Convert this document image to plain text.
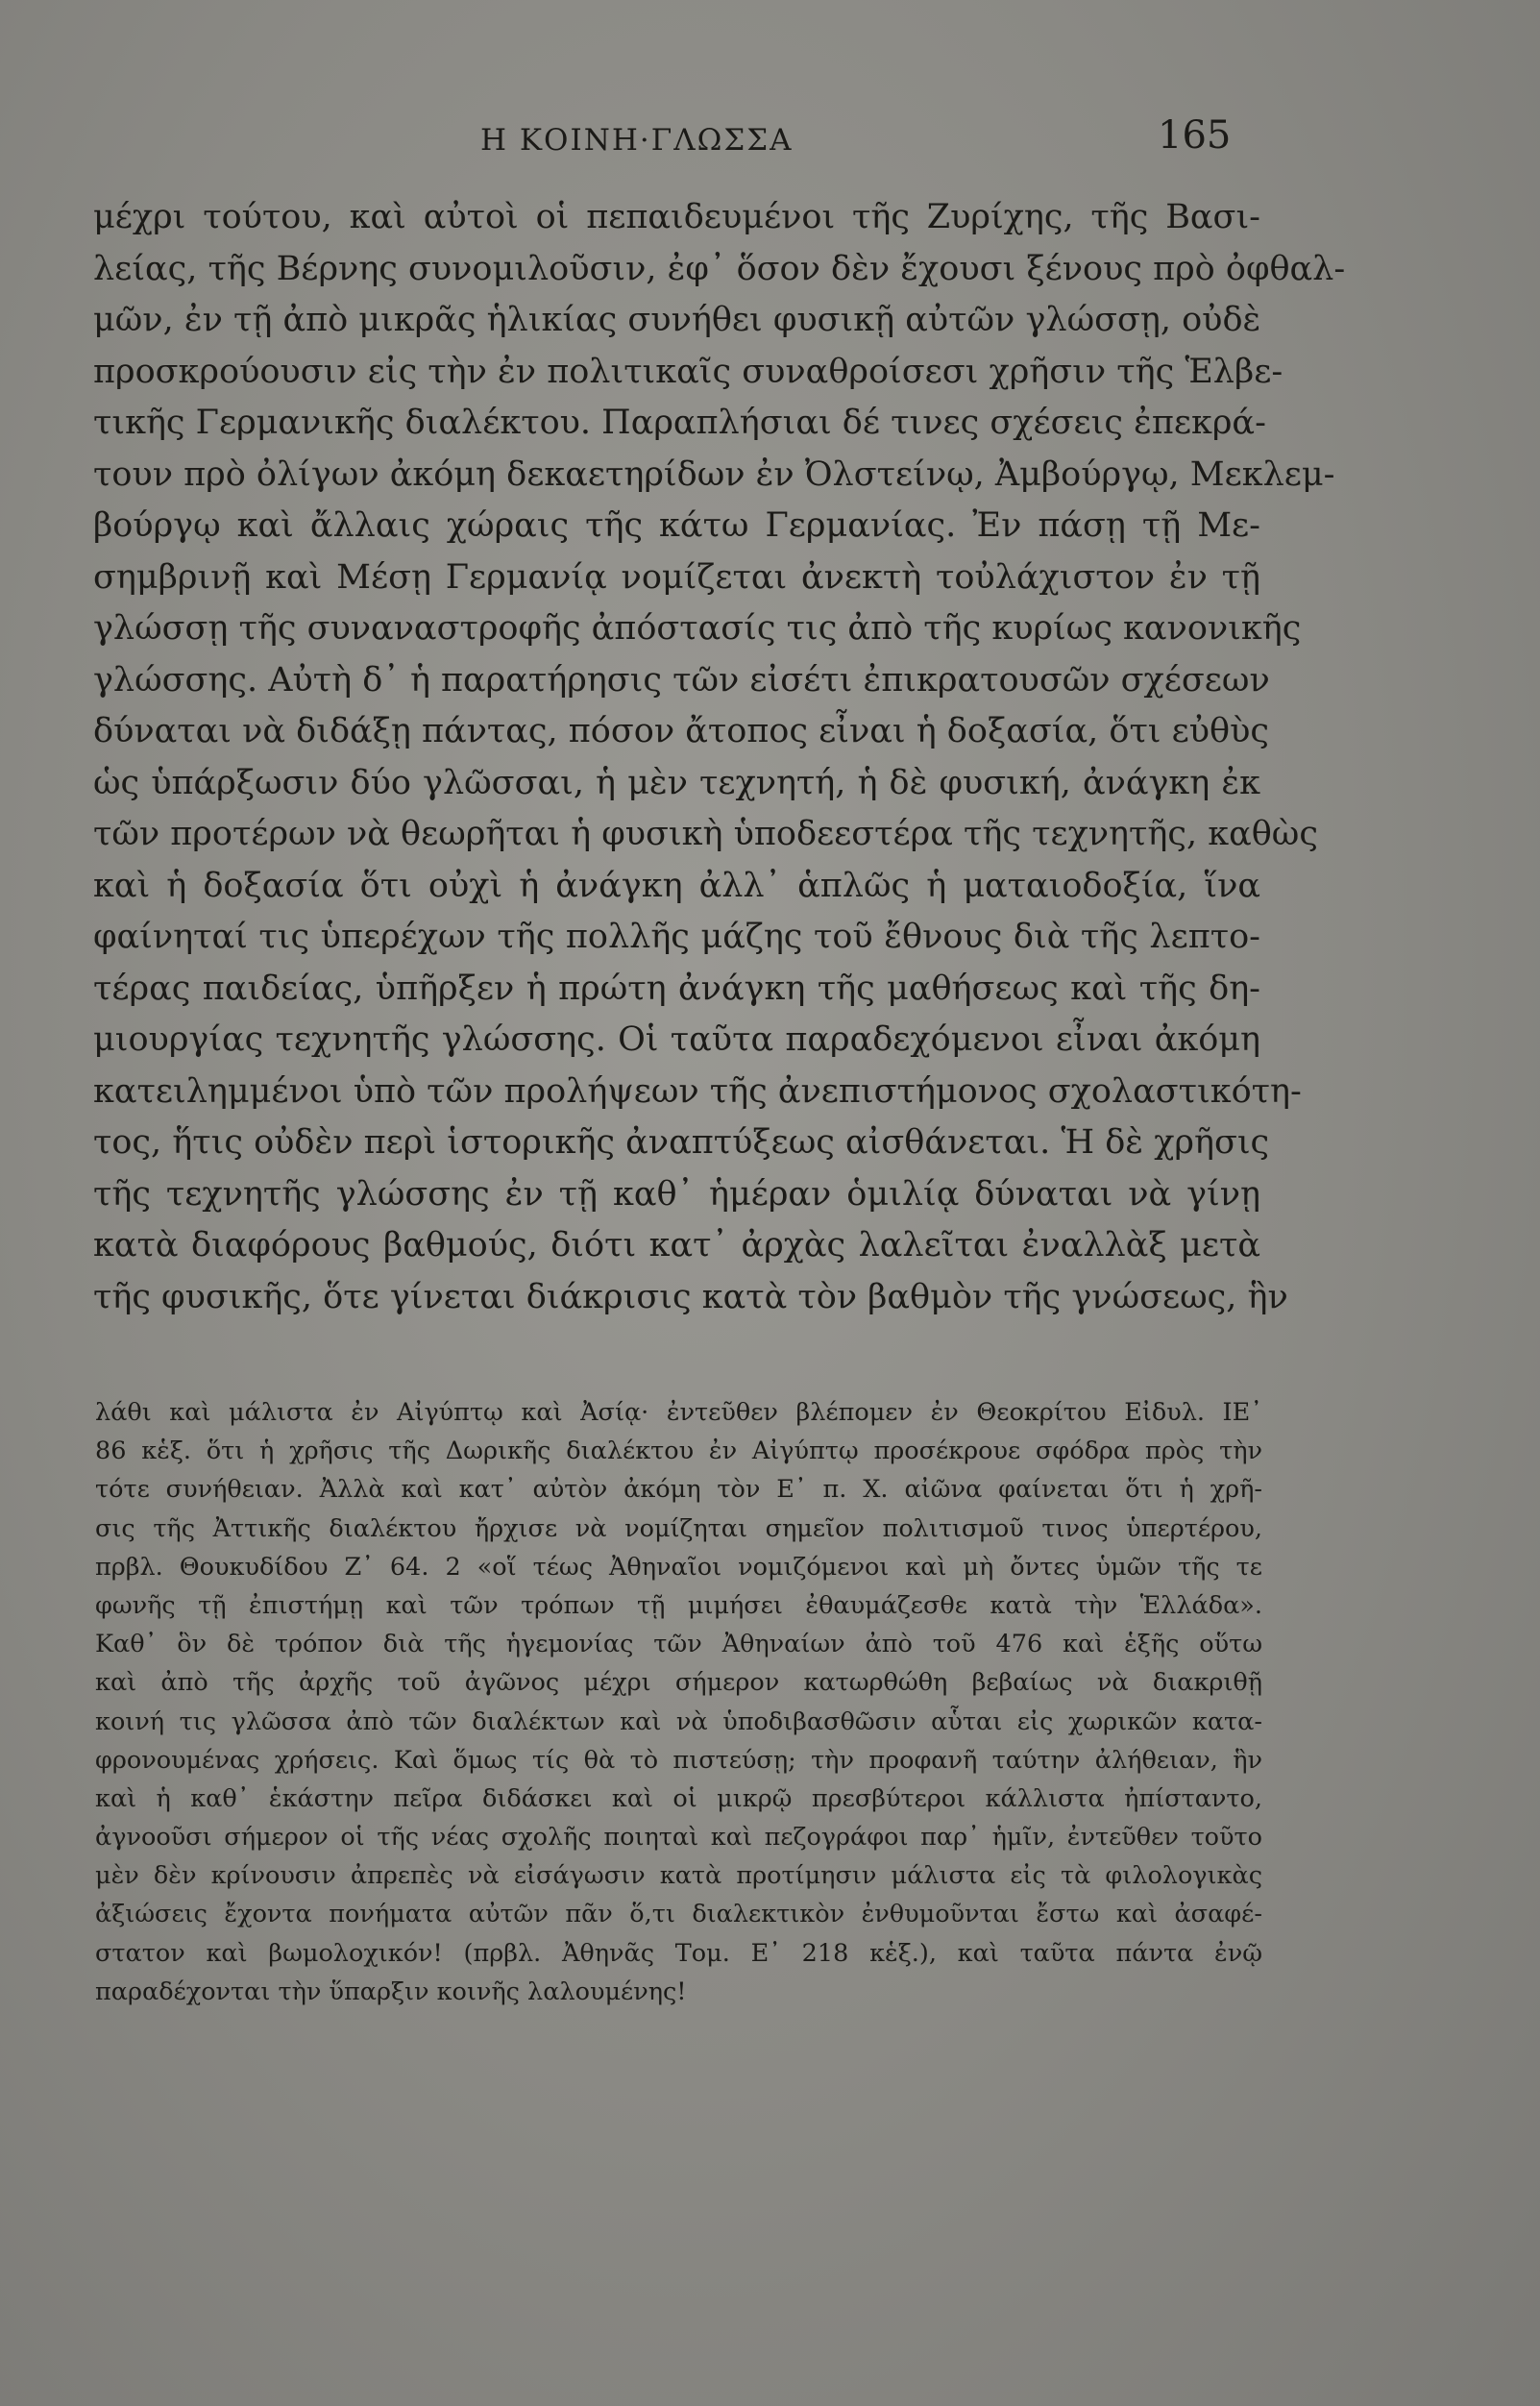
Η ΚΟΙΝΗ·ΓΛΩΣΣΑ	165
μέχρι τούτου, καὶ αὐτοὶ οἱ πεπαιδευμένοι τῆς Ζυρίχης, τῆς Βασι-
λείας, τῆς Βέρνης συνομιλοῦσιν, ἐφ᾿ ὅσον δὲν ἔχουσι ξένους πρὸ ὀφθαλ-
μῶν, ἐν τῇ ἀπὸ μικρᾶς ἡλικίας συνήθει φυσικῇ αὐτῶν γλώσσῃ, οὐδὲ
προσκρούουσιν εἰς τὴν ἐν πολιτικαῖς συναθροίσεσι χρῆσιν τῆς Ἑλβε-
τικῆς Γερμανικῆς διαλέκτου. Παραπλήσιαι δέ τινες σχέσεις ἐπεκρά-
τουν πρὸ ὀλίγων ἀκόμη δεκαετηρίδων ἐν Ὀλστείνῳ, Ἀμβούργῳ, Μεκλεμ-
βούργῳ καὶ ἄλλαις χώραις τῆς κάτω Γερμανίας. Ἐν πάσῃ τῇ Με-
σημβρινῇ καὶ Μέσῃ Γερμανίᾳ νομίζεται ἀνεκτὴ τοὐλάχιστον ἐν τῇ
γλώσσῃ τῆς συναναστροφῆς ἀπόστασίς τις ἀπὸ τῆς κυρίως κανονικῆς
γλώσσης. Αὐτὴ δ᾿ ἡ παρατήρησις τῶν εἰσέτι ἐπικρατουσῶν σχέσεων
δύναται νὰ διδάξῃ πάντας, πόσον ἄτοπος εἶναι ἡ δοξασία, ὅτι εὐθὺς
ὡς ὑπάρξωσιν δύο γλῶσσαι, ἡ μὲν τεχνητή, ἡ δὲ φυσική, ἀνάγκη ἐκ
τῶν προτέρων νὰ θεωρῆται ἡ φυσικὴ ὑποδεεστέρα τῆς τεχνητῆς, καθὼς
καὶ ἡ δοξασία ὅτι οὐχὶ ἡ ἀνάγκη ἀλλ᾿ ἁπλῶς ἡ ματαιοδοξία, ἵνα
φαίνηταί τις ὑπερέχων τῆς πολλῆς μάζης τοῦ ἔθνους διὰ τῆς λεπτο-
τέρας παιδείας, ὑπῆρξεν ἡ πρώτη ἀνάγκη τῆς μαθήσεως καὶ τῆς δη-
μιουργίας τεχνητῆς γλώσσης. Οἱ ταῦτα παραδεχόμενοι εἶναι ἀκόμη
κατειλημμένοι ὑπὸ τῶν προλήψεων τῆς ἀνεπιστήμονος σχολαστικότη-
τος, ἥτις οὐδὲν περὶ ἱστορικῆς ἀναπτύξεως αἰσθάνεται. Ἡ δὲ χρῆσις
τῆς τεχνητῆς γλώσσης ἐν τῇ καθ᾿ ἡμέραν ὁμιλίᾳ δύναται νὰ γίνῃ
κατὰ διαφόρους βαθμούς, διότι κατ᾿ ἀρχὰς λαλεῖται ἐναλλὰξ μετὰ
τῆς φυσικῆς, ὅτε γίνεται διάκρισις κατὰ τὸν βαθμὸν τῆς γνώσεως, ἣν
λάθι καὶ μάλιστα ἐν Αἰγύπτῳ καὶ Ἀσίᾳ· ἐντεῦθεν βλέπομεν ἐν Θεοκρίτου Εἰδυλ. ΙΕ᾿
86 κἑξ. ὅτι ἡ χρῆσις τῆς Δωρικῆς διαλέκτου ἐν Αἰγύπτῳ προσέκρουε σφόδρα πρὸς τὴν
τότε συνήθειαν. Ἀλλὰ καὶ κατ᾿ αὐτὸν ἀκόμη τὸν Ε᾿ π. Χ. αἰῶνα φαίνεται ὅτι ἡ χρῆ-
σις τῆς Ἀττικῆς διαλέκτου ἤρχισε νὰ νομίζηται σημεῖον πολιτισμοῦ τινος ὑπερτέρου,
πρβλ. Θουκυδίδου Ζ᾿ 64. 2 «οἵ τέως Ἀθηναῖοι νομιζόμενοι καὶ μὴ ὄντες ὑμῶν τῆς τε
φωνῆς τῇ ἐπιστήμῃ καὶ τῶν τρόπων τῇ μιμήσει ἐθαυμάζεσθε κατὰ τὴν Ἑλλάδα».
Καθ᾿ ὃν δὲ τρόπον διὰ τῆς ἡγεμονίας τῶν Ἀθηναίων ἀπὸ τοῦ 476 καὶ ἑξῆς οὕτω
καὶ ἀπὸ τῆς ἀρχῆς τοῦ ἀγῶνος μέχρι σήμερον κατωρθώθη βεβαίως νὰ διακριθῇ
κοινή τις γλῶσσα ἀπὸ τῶν διαλέκτων καὶ νὰ ὑποδιβασθῶσιν αὗται εἰς χωρικῶν κατα-
φρονουμένας χρήσεις. Καὶ ὅμως τίς θὰ τὸ πιστεύσῃ; τὴν προφανῆ ταύτην ἀλήθειαν, ἣν
καὶ ἡ καθ᾿ ἑκάστην πεῖρα διδάσκει καὶ οἱ μικρῷ πρεσβύτεροι κάλλιστα ἠπίσταντο,
ἀγνοοῦσι σήμερον οἱ τῆς νέας σχολῆς ποιηταὶ καὶ πεζογράφοι παρ᾿ ἡμῖν, ἐντεῦθεν τοῦτο
μὲν δὲν κρίνουσιν ἀπρεπὲς νὰ εἰσάγωσιν κατὰ προτίμησιν μάλιστα εἰς τὰ φιλολογικὰς
ἀξιώσεις ἔχοντα πονήματα αὐτῶν πᾶν ὅ,τι διαλεκτικὸν ἐνθυμοῦνται ἔστω καὶ ἀσαφέ-
στατον καὶ βωμολοχικόν! (πρβλ. Ἀθηνᾶς Τομ. Ε᾿ 218 κἑξ.), καὶ ταῦτα πάντα ἐνῷ
παραδέχονται τὴν ὕπαρξιν κοινῆς λαλουμένης!
